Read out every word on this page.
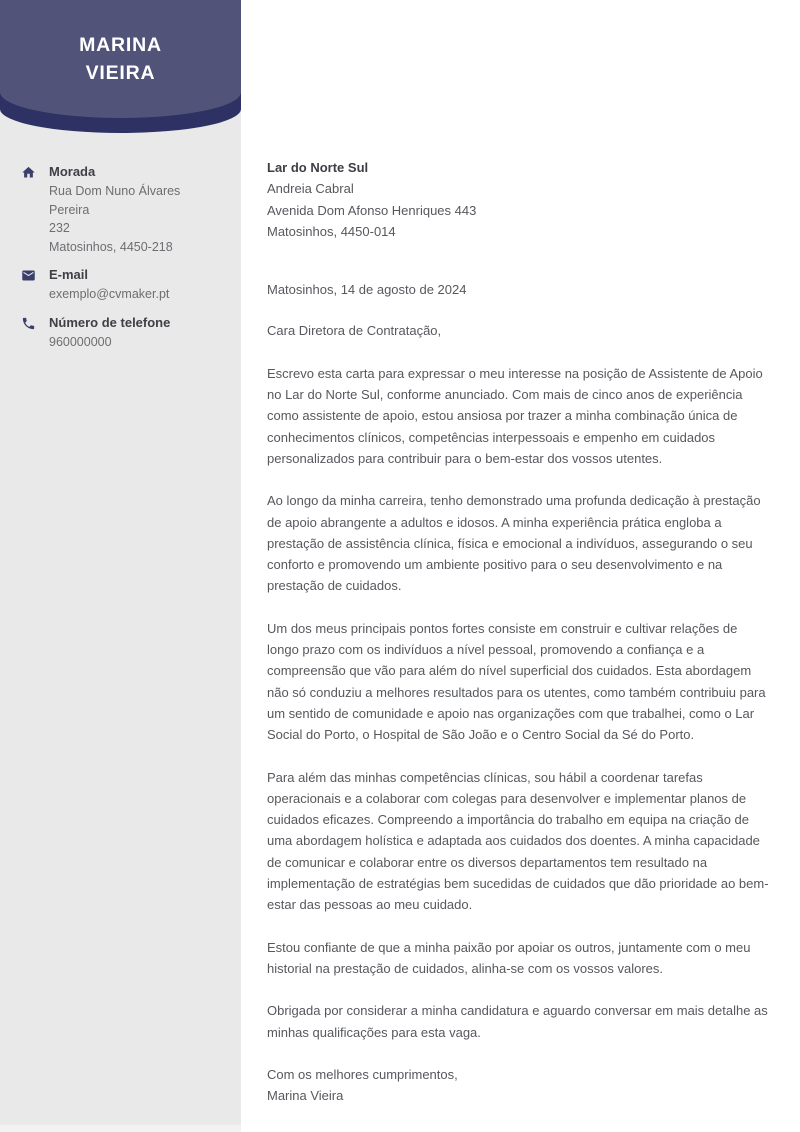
MARINA
VIEIRA
Morada
Rua Dom Nuno Álvares Pereira
232
Matosinhos, 4450-218
E-mail
exemplo@cvmaker.pt
Número de telefone
960000000
Lar do Norte Sul
Andreia Cabral
Avenida Dom Afonso Henriques 443
Matosinhos, 4450-014
Matosinhos, 14 de agosto de 2024
Cara Diretora de Contratação,

Escrevo esta carta para expressar o meu interesse na posição de Assistente de Apoio no Lar do Norte Sul, conforme anunciado. Com mais de cinco anos de experiência como assistente de apoio, estou ansiosa por trazer a minha combinação única de conhecimentos clínicos, competências interpessoais e empenho em cuidados personalizados para contribuir para o bem-estar dos vossos utentes.

Ao longo da minha carreira, tenho demonstrado uma profunda dedicação à prestação de apoio abrangente a adultos e idosos. A minha experiência prática engloba a prestação de assistência clínica, física e emocional a indivíduos, assegurando o seu conforto e promovendo um ambiente positivo para o seu desenvolvimento e na prestação de cuidados.

Um dos meus principais pontos fortes consiste em construir e cultivar relações de longo prazo com os indivíduos a nível pessoal, promovendo a confiança e a compreensão que vão para além do nível superficial dos cuidados. Esta abordagem não só conduziu a melhores resultados para os utentes, como também contribuiu para um sentido de comunidade e apoio nas organizações com que trabalhei, como o Lar Social do Porto, o Hospital de São João e o Centro Social da Sé do Porto.

Para além das minhas competências clínicas, sou hábil a coordenar tarefas operacionais e a colaborar com colegas para desenvolver e implementar planos de cuidados eficazes. Compreendo a importância do trabalho em equipa na criação de uma abordagem holística e adaptada aos cuidados dos doentes. A minha capacidade de comunicar e colaborar entre os diversos departamentos tem resultado na implementação de estratégias bem sucedidas de cuidados que dão prioridade ao bem-estar das pessoas ao meu cuidado.

Estou confiante de que a minha paixão por apoiar os outros, juntamente com o meu historial na prestação de cuidados, alinha-se com os vossos valores.

Obrigada por considerar a minha candidatura e aguardo conversar em mais detalhe as minhas qualificações para esta vaga.

Com os melhores cumprimentos,
Marina Vieira
